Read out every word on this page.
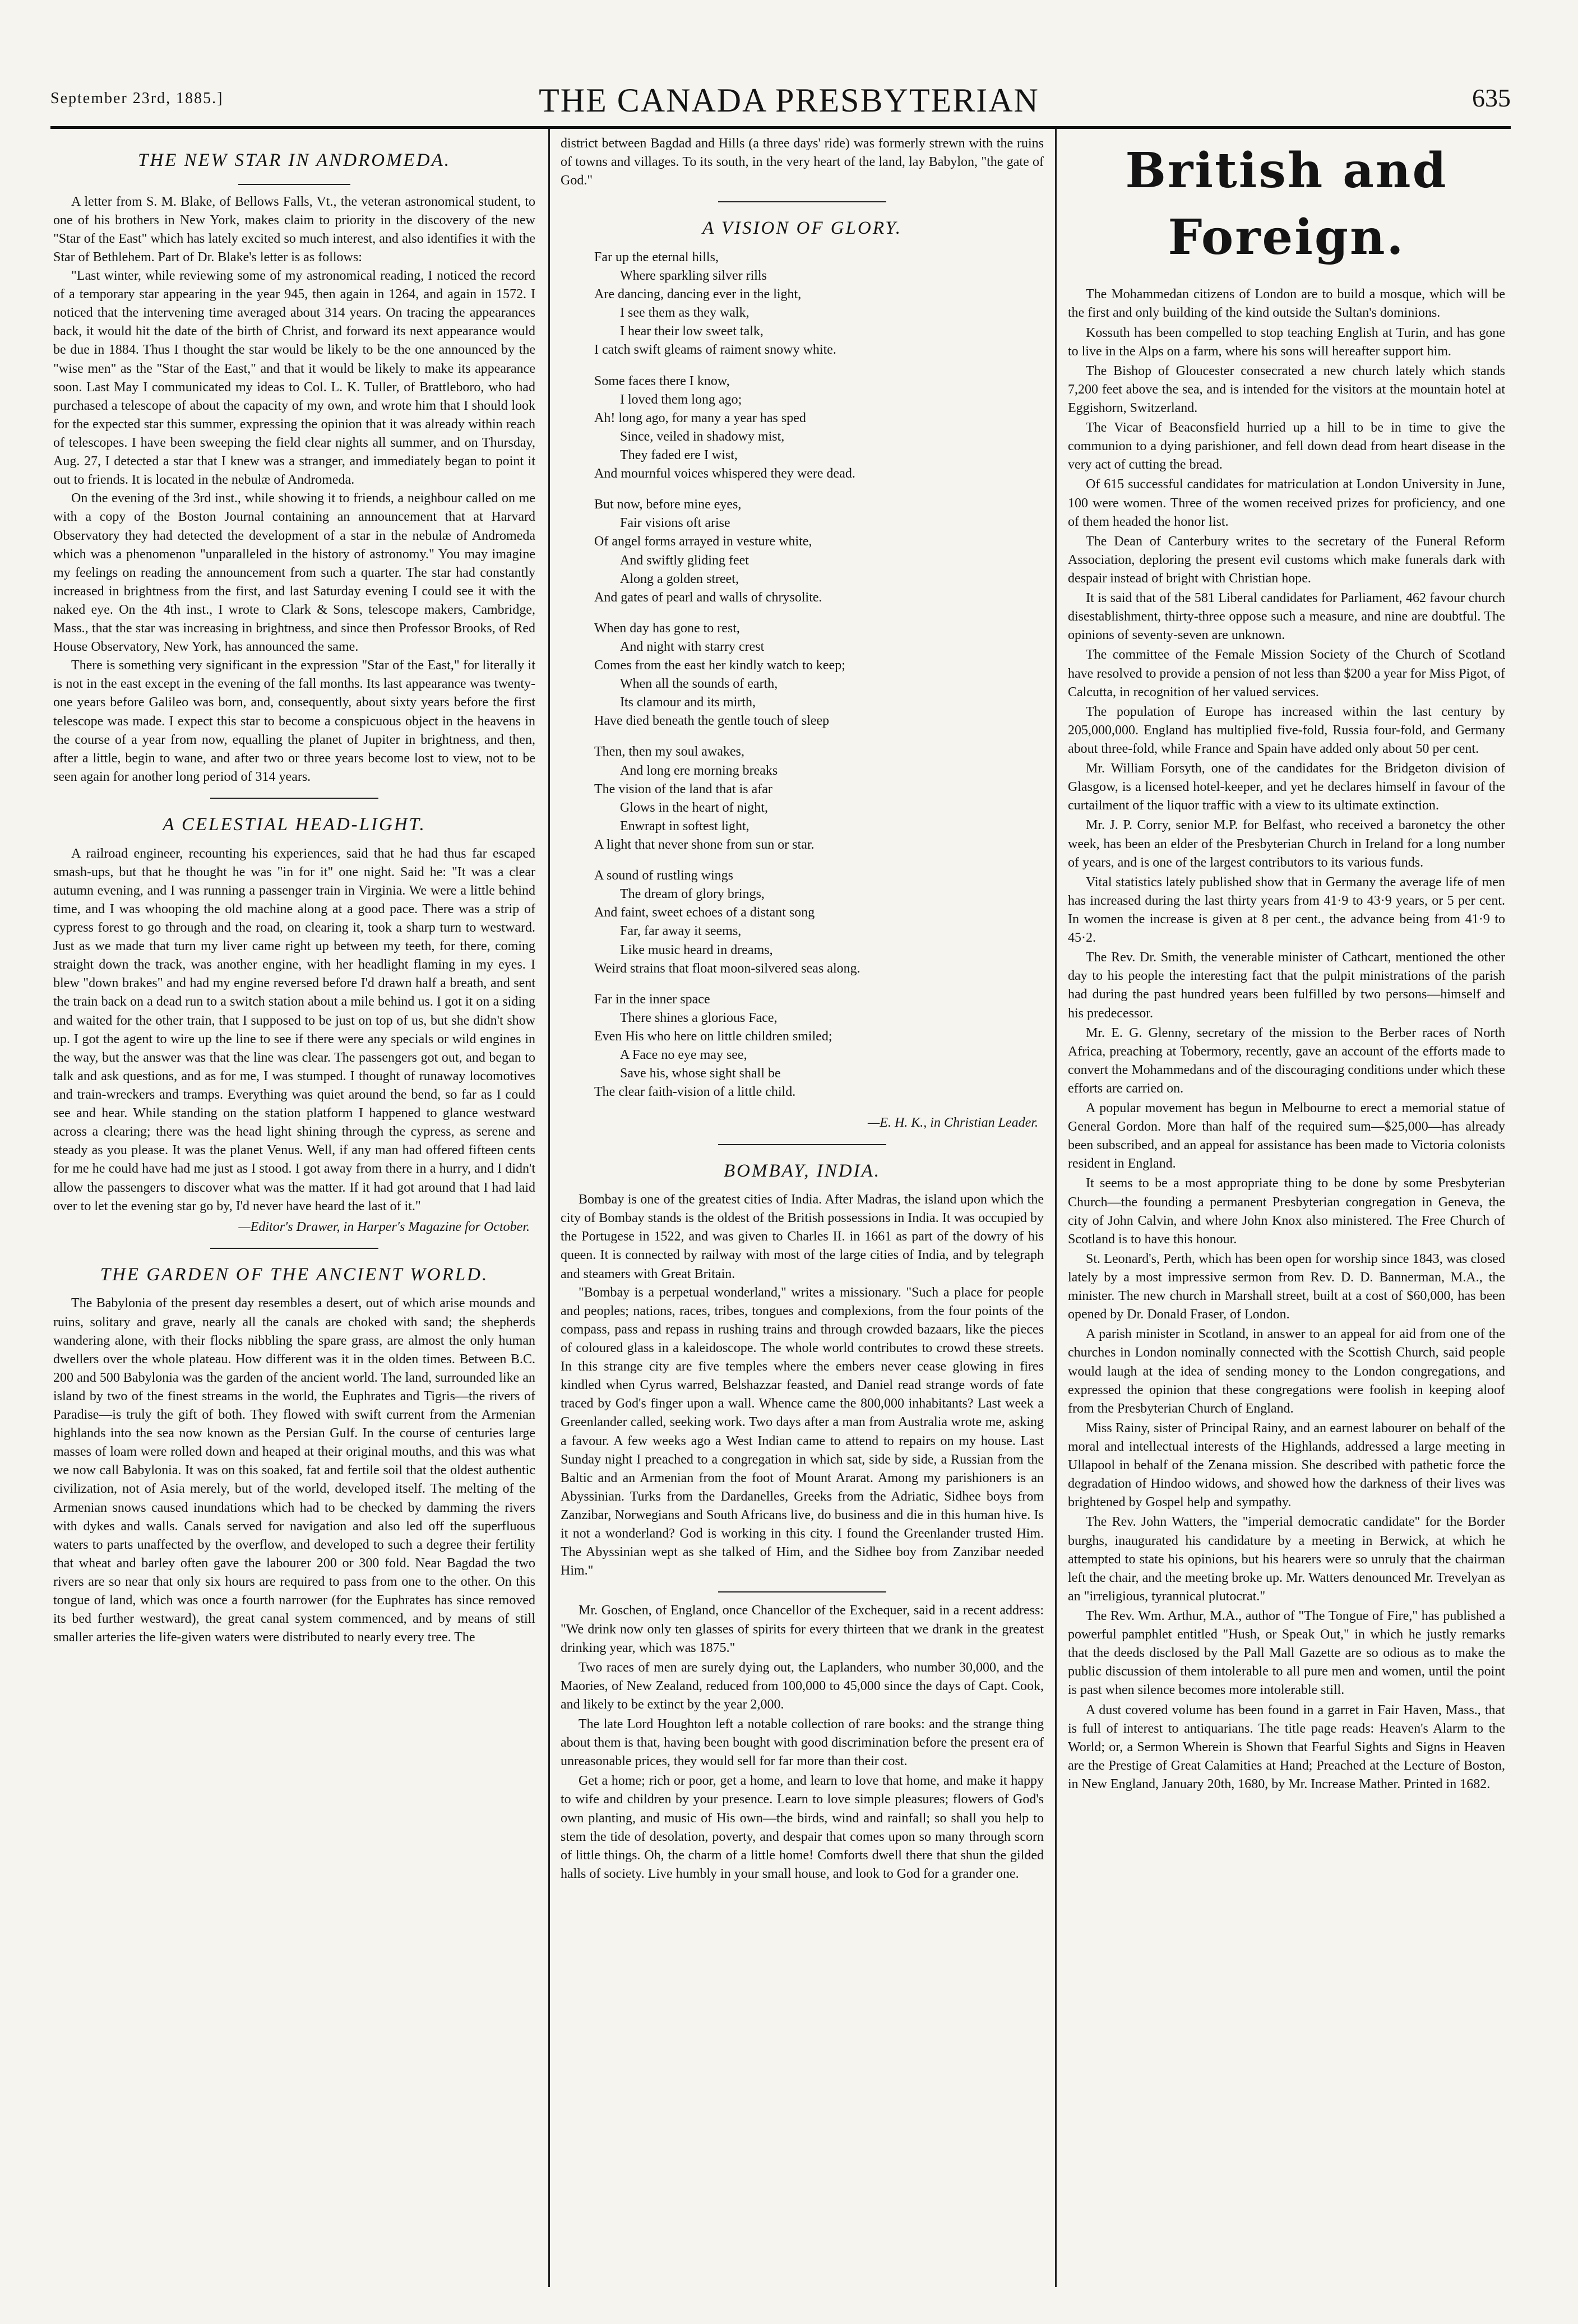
September 23rd, 1885.]	THE CANADA PRESBYTERIAN	635
THE NEW STAR IN ANDROMEDA.

A letter from S. M. Blake, of Bellows Falls, Vt., the veteran astronomical student, to one of his brothers in New York, makes claim to priority in the discovery of the new "Star of the East" which has lately excited so much interest, and also identifies it with the Star of Bethlehem. Part of Dr. Blake's letter is as follows:

"Last winter, while reviewing some of my astronomical reading, I noticed the record of a temporary star appearing in the year 945, then again in 1264, and again in 1572. I noticed that the intervening time averaged about 314 years. On tracing the appearances back, it would hit the date of the birth of Christ, and forward its next appearance would be due in 1884. Thus I thought the star would be likely to be the one announced by the "wise men" as the "Star of the East," and that it would be likely to make its appearance soon. Last May I communicated my ideas to Col. L. K. Tuller, of Brattleboro, who had purchased a telescope of about the capacity of my own, and wrote him that I should look for the expected star this summer, expressing the opinion that it was already within reach of telescopes. I have been sweeping the field clear nights all summer, and on Thursday, Aug. 27, I detected a star that I knew was a stranger, and immediately began to point it out to friends. It is located in the nebulæ of Andromeda.

On the evening of the 3rd inst., while showing it to friends, a neighbour called on me with a copy of the Boston Journal containing an announcement that at Harvard Observatory they had detected the development of a star in the nebulæ of Andromeda which was a phenomenon "unparalleled in the history of astronomy." You may imagine my feelings on reading the announcement from such a quarter. The star had constantly increased in brightness from the first, and last Saturday evening I could see it with the naked eye. On the 4th inst., I wrote to Clark & Sons, telescope makers, Cambridge, Mass., that the star was increasing in brightness, and since then Professor Brooks, of Red House Observatory, New York, has announced the same.

There is something very significant in the expression "Star of the East," for literally it is not in the east except in the evening of the fall months. Its last appearance was twenty-one years before Galileo was born, and, consequently, about sixty years before the first telescope was made. I expect this star to become a conspicuous object in the heavens in the course of a year from now, equalling the planet of Jupiter in brightness, and then, after a little, begin to wane, and after two or three years become lost to view, not to be seen again for another long period of 314 years.

A CELESTIAL HEAD-LIGHT.

A railroad engineer, recounting his experiences, said that he had thus far escaped smash-ups, but that he thought he was "in for it" one night. Said he: "It was a clear autumn evening, and I was running a passenger train in Virginia. We were a little behind time, and I was whooping the old machine along at a good pace. There was a strip of cypress forest to go through and the road, on clearing it, took a sharp turn to westward. Just as we made that turn my liver came right up between my teeth, for there, coming straight down the track, was another engine, with her headlight flaming in my eyes. I blew "down brakes" and had my engine reversed before I'd drawn half a breath, and sent the train back on a dead run to a switch station about a mile behind us. I got it on a siding and waited for the other train, that I supposed to be just on top of us, but she didn't show up. I got the agent to wire up the line to see if there were any specials or wild engines in the way, but the answer was that the line was clear. The passengers got out, and began to talk and ask questions, and as for me, I was stumped. I thought of runaway locomotives and train-wreckers and tramps. Everything was quiet around the bend, so far as I could see and hear. While standing on the station platform I happened to glance westward across a clearing; there was the head light shining through the cypress, as serene and steady as you please. It was the planet Venus. Well, if any man had offered fifteen cents for me he could have had me just as I stood. I got away from there in a hurry, and I didn't allow the passengers to discover what was the matter. If it had got around that I had laid over to let the evening star go by, I'd never have heard the last of it."

—Editor's Drawer, in Harper's Magazine for October.
THE GARDEN OF THE ANCIENT WORLD.

The Babylonia of the present day resembles a desert, out of which arise mounds and ruins, solitary and grave, nearly all the canals are choked with sand; the shepherds wandering alone, with their flocks nibbling the spare grass, are almost the only human dwellers over the whole plateau. How different was it in the olden times. Between B.C. 200 and 500 Babylonia was the garden of the ancient world. The land, surrounded like an island by two of the finest streams in the world, the Euphrates and Tigris—the rivers of Paradise—is truly the gift of both. They flowed with swift current from the Armenian highlands into the sea now known as the Persian Gulf. In the course of centuries large masses of loam were rolled down and heaped at their original mouths, and this was what we now call Babylonia. It was on this soaked, fat and fertile soil that the oldest authentic civilization, not of Asia merely, but of the world, developed itself. The melting of the Armenian snows caused inundations which had to be checked by damming the rivers with dykes and walls. Canals served for navigation and also led off the superfluous waters to parts unaffected by the overflow, and developed to such a degree their fertility that wheat and barley often gave the labourer 200 or 300 fold. Near Bagdad the two rivers are so near that only six hours are required to pass from one to the other. On this tongue of land, which was once a fourth narrower (for the Euphrates has since removed its bed further westward), the great canal system commenced, and by means of still smaller arteries the life-given waters were distributed to nearly every tree. The

district between Bagdad and Hills (a three days' ride) was formerly strewn with the ruins of towns and villages. To its south, in the very heart of the land, lay Babylon, "the gate of God."

A VISION OF GLORY.
Far up the eternal hills,
Where sparkling silver rills
Are dancing, dancing ever in the light,
I see them as they walk,
I hear their low sweet talk,
I catch swift gleams of raiment snowy white.
Some faces there I know,
I loved them long ago;
Ah! long ago, for many a year has sped
Since, veiled in shadowy mist,
They faded ere I wist,
And mournful voices whispered they were dead.
But now, before mine eyes,
Fair visions oft arise
Of angel forms arrayed in vesture white,
And swiftly gliding feet
Along a golden street,
And gates of pearl and walls of chrysolite.
When day has gone to rest,
And night with starry crest
Comes from the east her kindly watch to keep;
When all the sounds of earth,
Its clamour and its mirth,
Have died beneath the gentle touch of sleep
Then, then my soul awakes,
And long ere morning breaks
The vision of the land that is afar
Glows in the heart of night,
Enwrapt in softest light,
A light that never shone from sun or star.
A sound of rustling wings
The dream of glory brings,
And faint, sweet echoes of a distant song
Far, far away it seems,
Like music heard in dreams,
Weird strains that float moon-silvered seas along.
Far in the inner space
There shines a glorious Face,
Even His who here on little children smiled;
A Face no eye may see,
Save his, whose sight shall be
The clear faith-vision of a little child.
—E. H. K., in Christian Leader.
BOMBAY, INDIA.

Bombay is one of the greatest cities of India. After Madras, the island upon which the city of Bombay stands is the oldest of the British possessions in India. It was occupied by the Portugese in 1522, and was given to Charles II. in 1661 as part of the dowry of his queen. It is connected by railway with most of the large cities of India, and by telegraph and steamers with Great Britain.

"Bombay is a perpetual wonderland," writes a missionary. "Such a place for people and peoples; nations, races, tribes, tongues and complexions, from the four points of the compass, pass and repass in rushing trains and through crowded bazaars, like the pieces of coloured glass in a kaleidoscope. The whole world contributes to crowd these streets. In this strange city are five temples where the embers never cease glowing in fires kindled when Cyrus warred, Belshazzar feasted, and Daniel read strange words of fate traced by God's finger upon a wall. Whence came the 800,000 inhabitants? Last week a Greenlander called, seeking work. Two days after a man from Australia wrote me, asking a favour. A few weeks ago a West Indian came to attend to repairs on my house. Last Sunday night I preached to a congregation in which sat, side by side, a Russian from the Baltic and an Armenian from the foot of Mount Ararat. Among my parishioners is an Abyssinian. Turks from the Dardanelles, Greeks from the Adriatic, Sidhee boys from Zanzibar, Norwegians and South Africans live, do business and die in this human hive. Is it not a wonderland? God is working in this city. I found the Greenlander trusted Him. The Abyssinian wept as she talked of Him, and the Sidhee boy from Zanzibar needed Him."

Mr. Goschen, of England, once Chancellor of the Exchequer, said in a recent address: "We drink now only ten glasses of spirits for every thirteen that we drank in the greatest drinking year, which was 1875."

Two races of men are surely dying out, the Laplanders, who number 30,000, and the Maories, of New Zealand, reduced from 100,000 to 45,000 since the days of Capt. Cook, and likely to be extinct by the year 2,000.

The late Lord Houghton left a notable collection of rare books: and the strange thing about them is that, having been bought with good discrimination before the present era of unreasonable prices, they would sell for far more than their cost.

Get a home; rich or poor, get a home, and learn to love that home, and make it happy to wife and children by your presence. Learn to love simple pleasures; flowers of God's own planting, and music of His own—the birds, wind and rainfall; so shall you help to stem the tide of desolation, poverty, and despair that comes upon so many through scorn of little things. Oh, the charm of a little home! Comforts dwell there that shun the gilded halls of society. Live humbly in your small house, and look to God for a grander one.

British and Foreign.

The Mohammedan citizens of London are to build a mosque, which will be the first and only building of the kind outside the Sultan's dominions.

Kossuth has been compelled to stop teaching English at Turin, and has gone to live in the Alps on a farm, where his sons will hereafter support him.

The Bishop of Gloucester consecrated a new church lately which stands 7,200 feet above the sea, and is intended for the visitors at the mountain hotel at Eggishorn, Switzerland.

The Vicar of Beaconsfield hurried up a hill to be in time to give the communion to a dying parishioner, and fell down dead from heart disease in the very act of cutting the bread.

Of 615 successful candidates for matriculation at London University in June, 100 were women. Three of the women received prizes for proficiency, and one of them headed the honor list.

The Dean of Canterbury writes to the secretary of the Funeral Reform Association, deploring the present evil customs which make funerals dark with despair instead of bright with Christian hope.

It is said that of the 581 Liberal candidates for Parliament, 462 favour church disestablishment, thirty-three oppose such a measure, and nine are doubtful. The opinions of seventy-seven are unknown.

The committee of the Female Mission Society of the Church of Scotland have resolved to provide a pension of not less than $200 a year for Miss Pigot, of Calcutta, in recognition of her valued services.

The population of Europe has increased within the last century by 205,000,000. England has multiplied five-fold, Russia four-fold, and Germany about three-fold, while France and Spain have added only about 50 per cent.

Mr. William Forsyth, one of the candidates for the Bridgeton division of Glasgow, is a licensed hotel-keeper, and yet he declares himself in favour of the curtailment of the liquor traffic with a view to its ultimate extinction.

Mr. J. P. Corry, senior M.P. for Belfast, who received a baronetcy the other week, has been an elder of the Presbyterian Church in Ireland for a long number of years, and is one of the largest contributors to its various funds.

Vital statistics lately published show that in Germany the average life of men has increased during the last thirty years from 41·9 to 43·9 years, or 5 per cent. In women the increase is given at 8 per cent., the advance being from 41·9 to 45·2.

The Rev. Dr. Smith, the venerable minister of Cathcart, mentioned the other day to his people the interesting fact that the pulpit ministrations of the parish had during the past hundred years been fulfilled by two persons—himself and his predecessor.

Mr. E. G. Glenny, secretary of the mission to the Berber races of North Africa, preaching at Tobermory, recently, gave an account of the efforts made to convert the Mohammedans and of the discouraging conditions under which these efforts are carried on.

A popular movement has begun in Melbourne to erect a memorial statue of General Gordon. More than half of the required sum—$25,000—has already been subscribed, and an appeal for assistance has been made to Victoria colonists resident in England.

It seems to be a most appropriate thing to be done by some Presbyterian Church—the founding a permanent Presbyterian congregation in Geneva, the city of John Calvin, and where John Knox also ministered. The Free Church of Scotland is to have this honour.

St. Leonard's, Perth, which has been open for worship since 1843, was closed lately by a most impressive sermon from Rev. D. D. Bannerman, M.A., the minister. The new church in Marshall street, built at a cost of $60,000, has been opened by Dr. Donald Fraser, of London.

A parish minister in Scotland, in answer to an appeal for aid from one of the churches in London nominally connected with the Scottish Church, said people would laugh at the idea of sending money to the London congregations, and expressed the opinion that these congregations were foolish in keeping aloof from the Presbyterian Church of England.

Miss Rainy, sister of Principal Rainy, and an earnest labourer on behalf of the moral and intellectual interests of the Highlands, addressed a large meeting in Ullapool in behalf of the Zenana mission. She described with pathetic force the degradation of Hindoo widows, and showed how the darkness of their lives was brightened by Gospel help and sympathy.

The Rev. John Watters, the "imperial democratic candidate" for the Border burghs, inaugurated his candidature by a meeting in Berwick, at which he attempted to state his opinions, but his hearers were so unruly that the chairman left the chair, and the meeting broke up. Mr. Watters denounced Mr. Trevelyan as an "irreligious, tyrannical plutocrat."

The Rev. Wm. Arthur, M.A., author of "The Tongue of Fire," has published a powerful pamphlet entitled "Hush, or Speak Out," in which he justly remarks that the deeds disclosed by the Pall Mall Gazette are so odious as to make the public discussion of them intolerable to all pure men and women, until the point is past when silence becomes more intolerable still.

A dust covered volume has been found in a garret in Fair Haven, Mass., that is full of interest to antiquarians. The title page reads: Heaven's Alarm to the World; or, a Sermon Wherein is Shown that Fearful Sights and Signs in Heaven are the Prestige of Great Calamities at Hand; Preached at the Lecture of Boston, in New England, January 20th, 1680, by Mr. Increase Mather. Printed in 1682.
